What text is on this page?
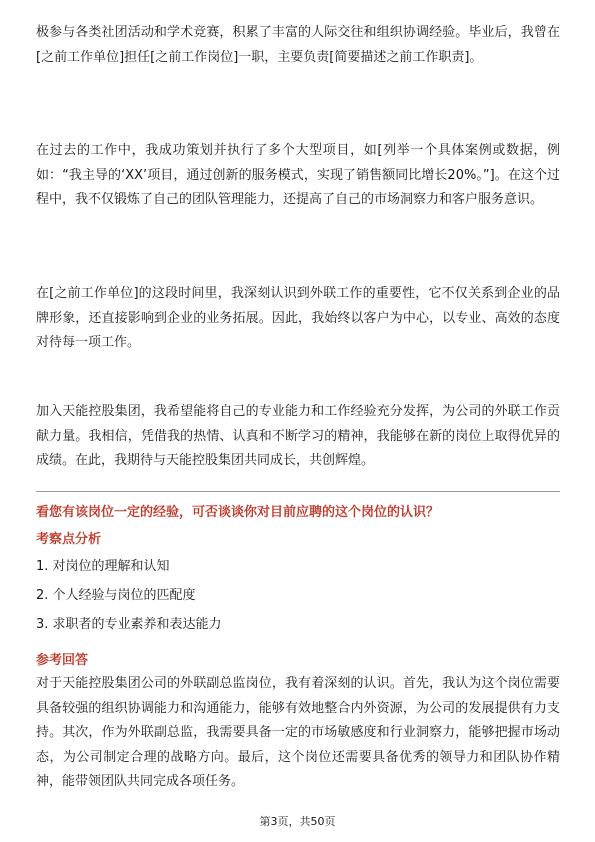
极参与各类社团活动和学术竞赛，积累了丰富的人际交往和组织协调经验。毕业后，我曾在[之前工作单位]担任[之前工作岗位]一职，主要负责[简要描述之前工作职责]。

在过去的工作中，我成功策划并执行了多个大型项目，如[列举一个具体案例或数据，例如：“我主导的‘XX’项目，通过创新的服务模式，实现了销售额同比增长20%。”]。在这个过程中，我不仅锻炼了自己的团队管理能力，还提高了自己的市场洞察力和客户服务意识。

在[之前工作单位]的这段时间里，我深刻认识到外联工作的重要性，它不仅关系到企业的品牌形象，还直接影响到企业的业务拓展。因此，我始终以客户为中心，以专业、高效的态度对待每一项工作。

加入天能控股集团，我希望能将自己的专业能力和工作经验充分发挥，为公司的外联工作贡献力量。我相信，凭借我的热情、认真和不断学习的精神，我能够在新的岗位上取得优异的成绩。在此，我期待与天能控股集团共同成长，共创辉煌。

看您有该岗位一定的经验，可否谈谈你对目前应聘的这个岗位的认识？
考察点分析
1. 对岗位的理解和认知
2. 个人经验与岗位的匹配度
3. 求职者的专业素养和表达能力
参考回答

对于天能控股集团公司的外联副总监岗位，我有着深刻的认识。首先，我认为这个岗位需要具备较强的组织协调能力和沟通能力，能够有效地整合内外资源，为公司的发展提供有力支持。其次，作为外联副总监，我需要具备一定的市场敏感度和行业洞察力，能够把握市场动态，为公司制定合理的战略方向。最后，这个岗位还需要具备优秀的领导力和团队协作精神，能带领团队共同完成各项任务。

第3页，共50页
